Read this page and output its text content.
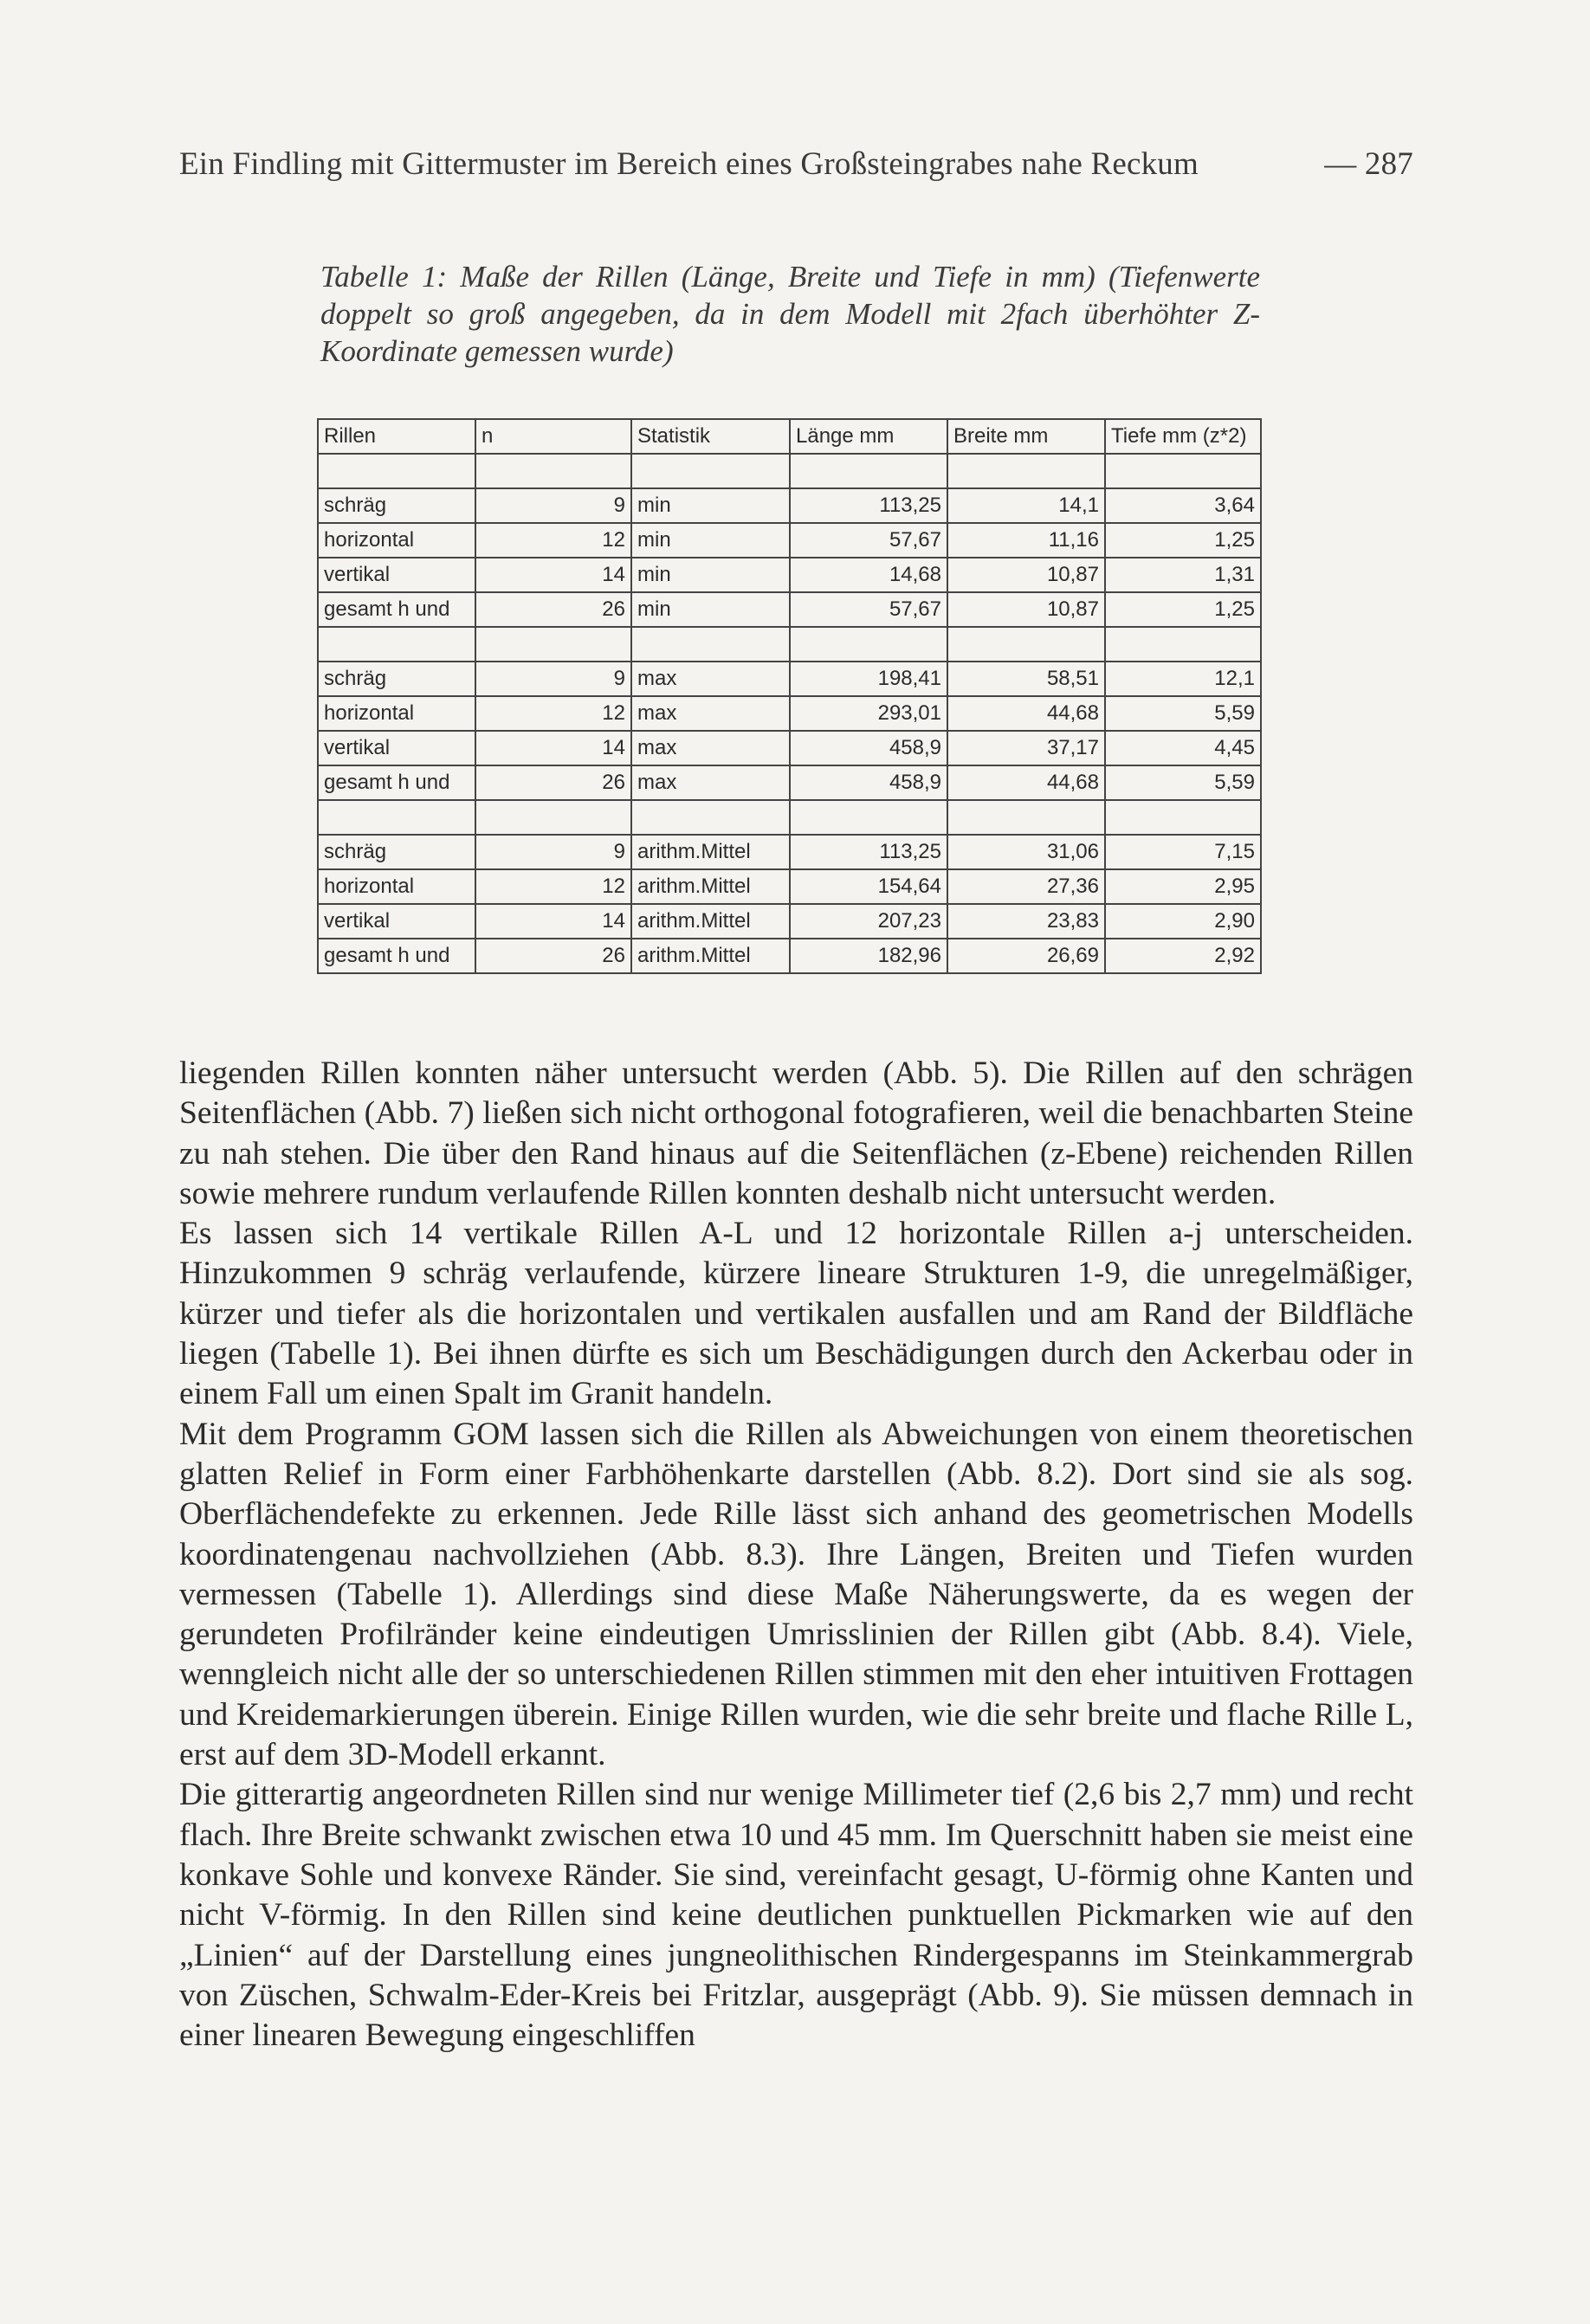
Ein Findling mit Gittermuster im Bereich eines Großsteingrabes nahe Reckum	— 287

Tabelle 1: Maße der Rillen (Länge, Breite und Tiefe in mm) (Tiefenwerte doppelt so groß angegeben, da in dem Modell mit 2fach überhöhter Z-Koordinate gemessen wurde)

Rillen	n	Statistik	Länge mm	Breite mm	Tiefe mm (z*2)

schräg	9	min	113,25	14,1	3,64
horizontal	12	min	57,67	11,16	1,25
vertikal	14	min	14,68	10,87	1,31
gesamt h und	26	min	57,67	10,87	1,25

schräg	9	max	198,41	58,51	12,1
horizontal	12	max	293,01	44,68	5,59
vertikal	14	max	458,9	37,17	4,45
gesamt h und	26	max	458,9	44,68	5,59

schräg	9	arithm.Mittel	113,25	31,06	7,15
horizontal	12	arithm.Mittel	154,64	27,36	2,95
vertikal	14	arithm.Mittel	207,23	23,83	2,90
gesamt h und	26	arithm.Mittel	182,96	26,69	2,92

liegenden Rillen konnten näher untersucht werden (Abb. 5). Die Rillen auf den schrägen Seitenflächen (Abb. 7) ließen sich nicht orthogonal fotografieren, weil die benachbarten Steine zu nah stehen. Die über den Rand hinaus auf die Seitenflächen (z-Ebene) reichenden Rillen sowie mehrere rundum verlaufende Rillen konnten deshalb nicht untersucht werden.

Es lassen sich 14 vertikale Rillen A-L und 12 horizontale Rillen a-j unterscheiden. Hinzukommen 9 schräg verlaufende, kürzere lineare Strukturen 1-9, die unregelmäßiger, kürzer und tiefer als die horizontalen und vertikalen ausfallen und am Rand der Bildfläche liegen (Tabelle 1). Bei ihnen dürfte es sich um Beschädigungen durch den Ackerbau oder in einem Fall um einen Spalt im Granit handeln.

Mit dem Programm GOM lassen sich die Rillen als Abweichungen von einem theoretischen glatten Relief in Form einer Farbhöhenkarte darstellen (Abb. 8.2). Dort sind sie als sog. Oberflächendefekte zu erkennen. Jede Rille lässt sich anhand des geometrischen Modells koordinatengenau nachvollziehen (Abb. 8.3). Ihre Längen, Breiten und Tiefen wurden vermessen (Tabelle 1). Allerdings sind diese Maße Näherungswerte, da es wegen der gerundeten Profilränder keine eindeutigen Umrisslinien der Rillen gibt (Abb. 8.4). Viele, wenngleich nicht alle der so unterschiedenen Rillen stimmen mit den eher intuitiven Frottagen und Kreidemarkierungen überein. Einige Rillen wurden, wie die sehr breite und flache Rille L, erst auf dem 3D-Modell erkannt.

Die gitterartig angeordneten Rillen sind nur wenige Millimeter tief (2,6 bis 2,7 mm) und recht flach. Ihre Breite schwankt zwischen etwa 10 und 45 mm. Im Querschnitt haben sie meist eine konkave Sohle und konvexe Ränder. Sie sind, vereinfacht gesagt, U-förmig ohne Kanten und nicht V-förmig. In den Rillen sind keine deutlichen punktuellen Pickmarken wie auf den „Linien“ auf der Darstellung eines jungneolithischen Rindergespanns im Steinkammergrab von Züschen, Schwalm-Eder-Kreis bei Fritzlar, ausgeprägt (Abb. 9). Sie müssen demnach in einer linearen Bewegung eingeschliffen
